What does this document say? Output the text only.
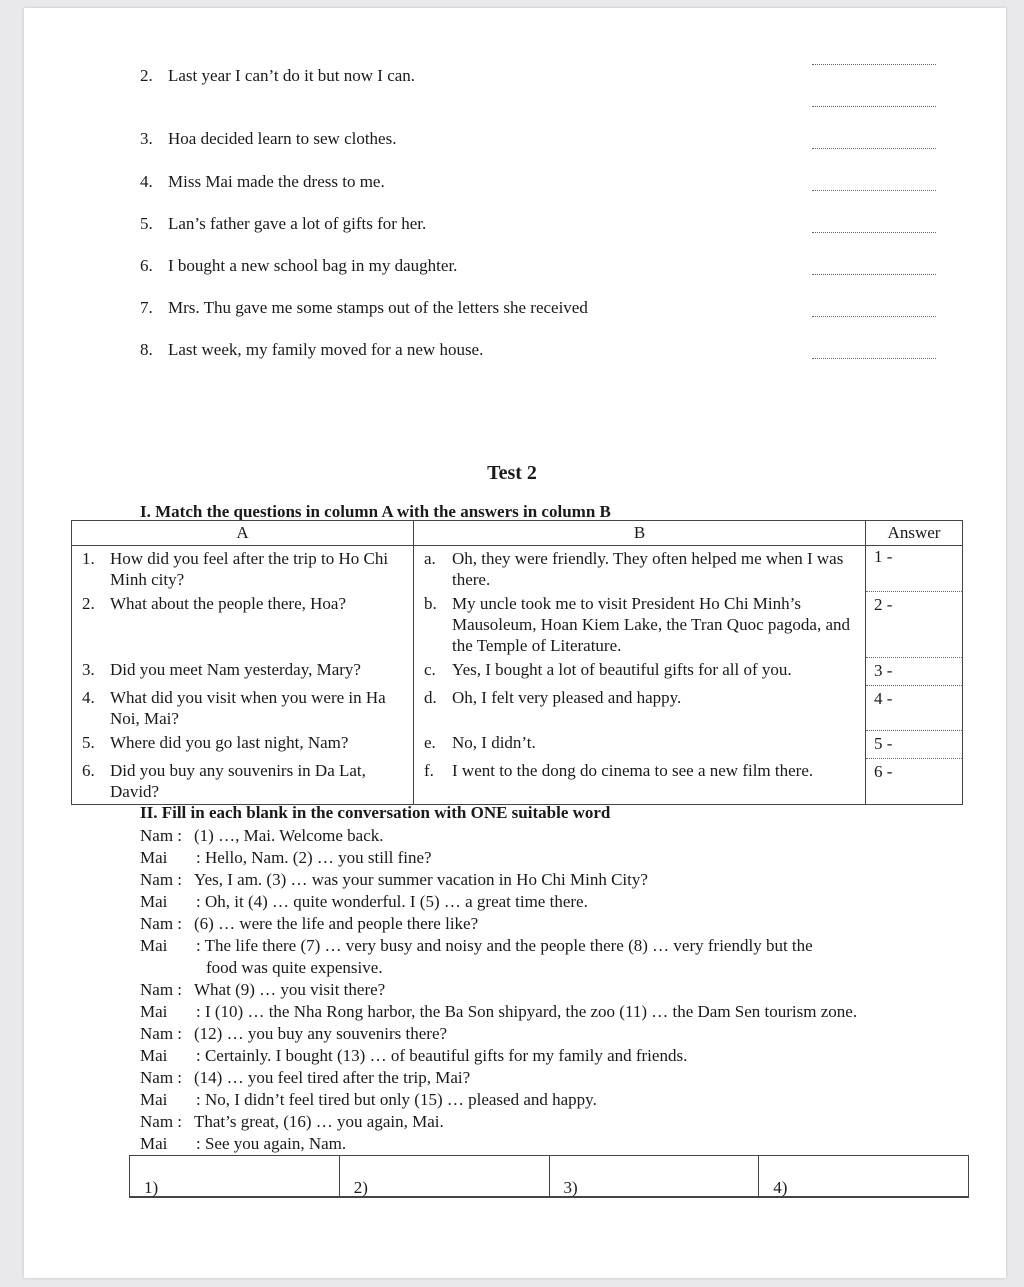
2. Last year I can’t do it but now I can.
3. Hoa decided learn to sew clothes.
4. Miss Mai made the dress to me.
5. Lan’s father gave a lot of gifts for her.
6. I bought a new school bag in my daughter.
7. Mrs. Thu gave me some stamps out of the letters she received
8. Last week, my family moved for a new house.
Test 2
I. Match the questions in column A with the answers in column B
A	B	Answer

1. How did you feel after the trip to Ho Chi Minh city?	a. Oh, they were friendly. They often helped me when I was there.	1 -

2. What about the people there, Hoa?	b. My uncle took me to visit President Ho Chi Minh’s Mausoleum, Hoan Kiem Lake, the Tran Quoc pagoda, and the Temple of Literature.	2 -

3. Did you meet Nam yesterday, Mary?	c. Yes, I bought a lot of beautiful gifts for all of you.	3 -

4. What did you visit when you were in Ha Noi, Mai?	d. Oh, I felt very pleased and happy.	4 -

5. Where did you go last night, Nam?	e. No, I didn’t.	5 -

6. Did you buy any souvenirs in Da Lat, David?	f. I went to the dong do cinema to see a new film there.	6 -
II. Fill in each blank in the conversation with ONE suitable word
Nam : (1) …, Mai. Welcome back.
Mai : Hello, Nam. (2) … you still fine?
Nam : Yes, I am. (3) … was your summer vacation in Ho Chi Minh City?
Mai : Oh, it (4) … quite wonderful. I (5) … a great time there.
Nam : (6) … were the life and people there like?
Mai : The life there (7) … very busy and noisy and the people there (8) … very friendly but the
food was quite expensive.
Nam : What (9) … you visit there?
Mai : I (10) … the Nha Rong harbor, the Ba Son shipyard, the zoo (11) … the Dam Sen tourism zone.
Nam : (12) … you buy any souvenirs there?
Mai : Certainly. I bought (13) … of beautiful gifts for my family and friends.
Nam : (14) … you feel tired after the trip, Mai?
Mai : No, I didn’t feel tired but only (15) … pleased and happy.
Nam : That’s great, (16) … you again, Mai.
Mai : See you again, Nam.
1)	2)	3)	4)
